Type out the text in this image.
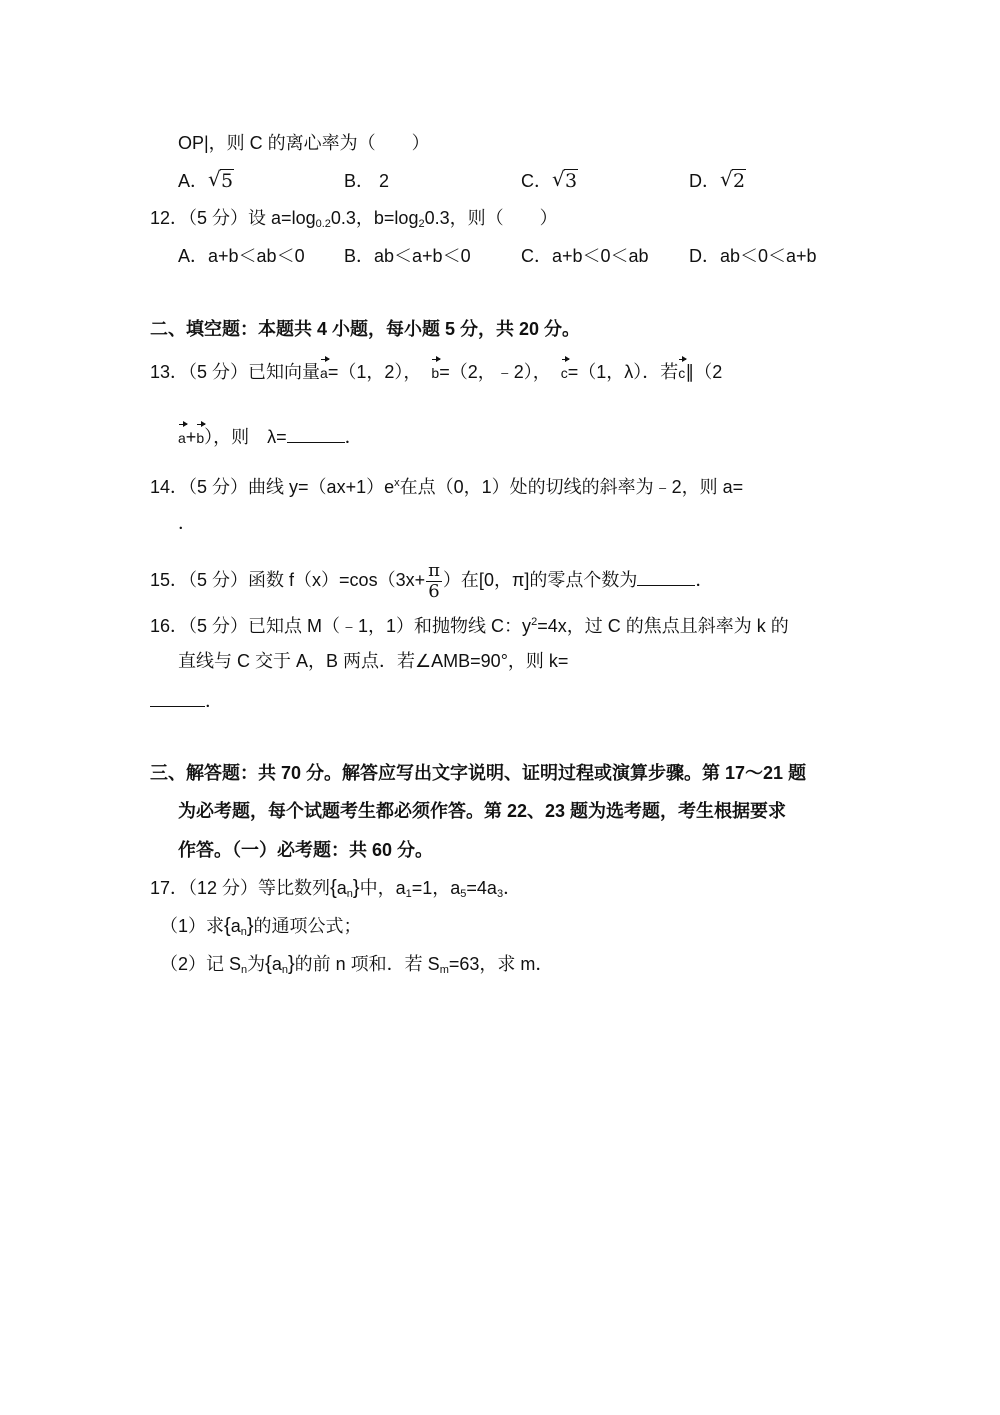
OP|，则 C 的离心率为（　　）
A． √ 5	B． 2	C． √ 3	D． √ 2
12．（5 分）设 $a=\log_{0.2}0.3$，$b=\log_20.3$，则（　　）
A．a+b＜ab＜0 B．ab＜a+b＜0	C．a+b＜0＜ab D．ab＜0＜a+b
二、填空题：本题共 4 小题，每小题 5 分，共 20 分。
13．（5 分）已知向量a=（1，2）， b=（2，﹣2）， c=（1，λ）．若c∥（2
a+b），则　λ=	．
14．（5 分）曲线 $y=(ax+1)e^x$在点（0，1）处的切线的斜率为﹣2，则 a=
．
15．（5 分）函数 $f(x)=\cos(3x+ \frac{\pi}{6}$ ）在[0，π]的零点个数为	．
16．（5 分）已知点 M（﹣1，1）和抛物线 C：$y^2=4x$，过 C 的焦点且斜率为 k 的
直线与 C 交于 A，B 两点．若∠AMB=90°，则 k=
．
三、解答题：共 70 分。解答应写出文字说明、证明过程或演算步骤。第 17～21 题
为必考题，每个试题考生都必须作答。第 22、23 题为选考题，考生根据要求
作答。（一）必考题：共 60 分。
17．（12 分）等比数列$\{a_n\}$中，$a_1=1$，$a_5=4a_3$．
（1）求$\{a_n\}$的通项公式；
（2）记 $S_n$为$\{a_n\}$的前 n 项和．若 $S_m=63$，求 m．
